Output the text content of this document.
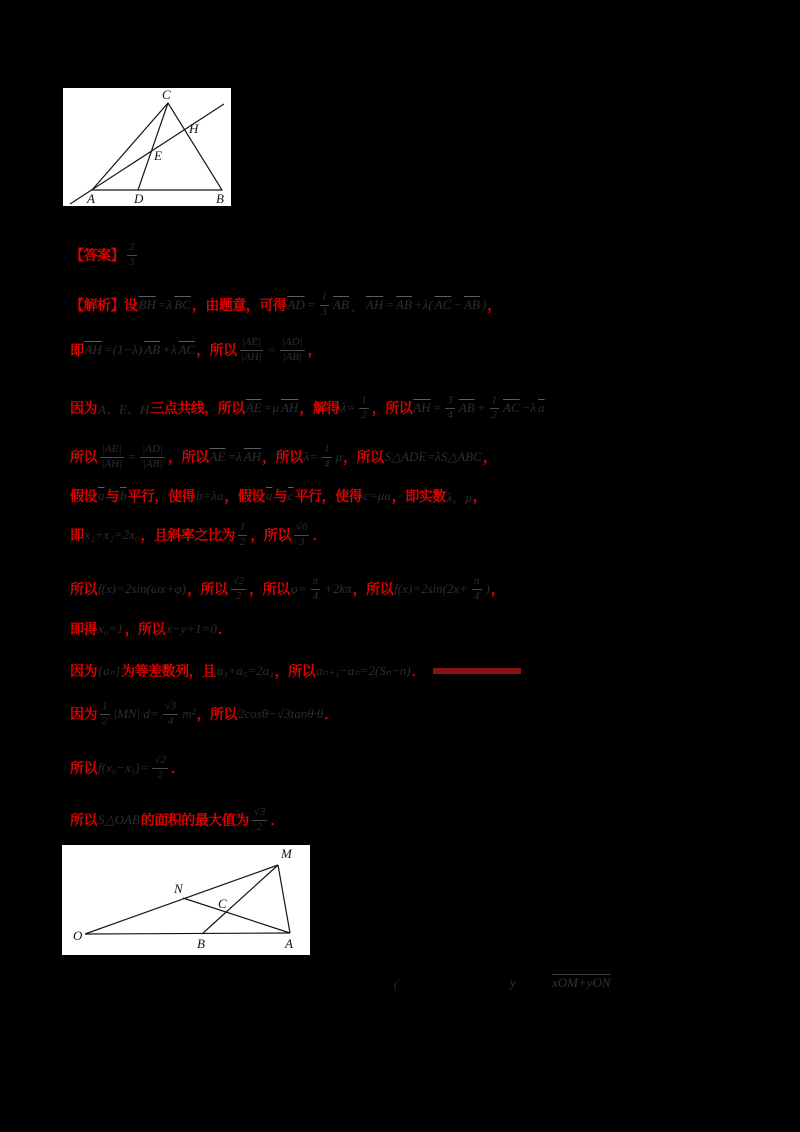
C
H
E
A	D	B
【答案】 $\frac{2}{3}$
【解析】设 $\overline{BH} =\lambda$ $\overline{BC}$ ，由题意，可得 $\overline{AD} = \frac{1}{3} \overline{AB}$ ， $\overline{AH} = \overline{AB} +\lambda$( $\overline{AC} - \overline{AB}$ ) ，
即 $\overline{AH} =(1-\lambda)$ $\overline{AB} +\lambda$ $\overline{AC}$ ，所以 $\frac{|AE|}{|AH|} = \frac{|AD|}{|AB|}$ ，
因为 A、E、H 三点共线，所以 $\overline{AE} =\mu$ $\overline{AH}$ ，解得 $\lambda= \frac{1}{2}$ ，所以 $\overline{AH} = \frac{3}{4} \overline{AB} + \frac{1}{2} \overline{AC} -\lambda$ $\overline{a}$
所以 $\frac{|AE|}{|AH|} = \frac{|AD|}{|AB|}$ ，所以 $\overline{AE} =\lambda$ $\overline{AH}$ ，所以 $\lambda= \frac{1}{4}$ μ ，所以 S△ADE=λS△ABC ，
假设 $\overline{a}$ 与 $\overline{b}$ 平行，使得 b=λa ，假设 $\overline{a}$ 与 $\overline{c}$ 平行，使得 c=μa ，即实数 λ，μ ，
即 x₁+x₂=2x₀ ，且斜率之比为 $\frac{1}{2}$ ，所以 $\frac{√6}{3}$ ．
所以 f(x)=2sin(ωx+φ) ，所以 $\frac{√2}{2}$ ，所以 $\varphi= \frac{\pi}{4} +2k\pi$ ，所以 $f(x)=2\sin(2x+ \frac{\pi}{4}$ ) ，
即得 x₀=1 ，所以 x−y+1=0 ．
因为 {aₙ} 为等差数列，且 a₃+a₅=2a₄ ，所以 aₙ₊₁−aₙ=2(Sₙ−n) ．
因为 $\frac{1}{2} |MN|\cdot d= \frac{√3}{4} m^2$ ，所以 2cosθ−√3tanθ·θ ．
所以 $f(x_0-x_1)= \frac{√2}{2}$ ．
所以 S△OAB 的面积的最大值为 $\frac{√3}{2}$ ．
O
M
N
C
B	A
（	y	xOM+yON
